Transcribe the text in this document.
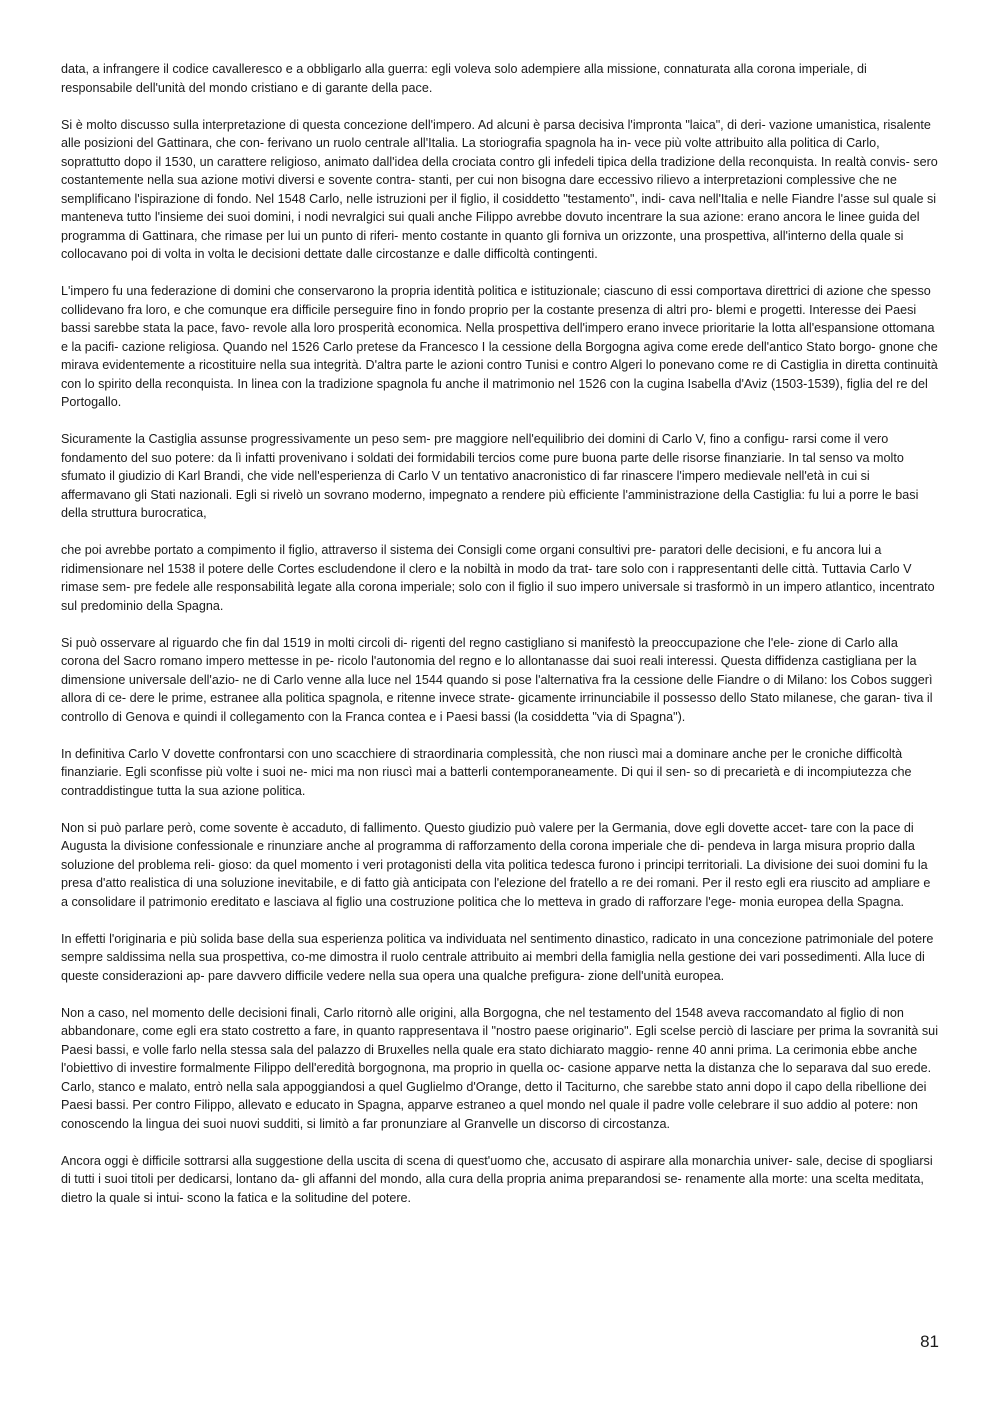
data, a infrangere il codice cavalleresco e a obbligarlo alla guerra: egli voleva solo adempiere alla missione, connaturata alla corona imperiale, di responsabile dell'unità del mondo cristiano e di garante della pace.

Si è molto discusso sulla interpretazione di questa concezione dell'impero. Ad alcuni è parsa decisiva l'impronta "laica", di deri- vazione umanistica, risalente alle posizioni del Gattinara, che con- ferivano un ruolo centrale all'Italia. La storiografia spagnola ha in- vece più volte attribuito alla politica di Carlo, soprattutto dopo il 1530, un carattere religioso, animato dall'idea della crociata contro gli infedeli tipica della tradizione della reconquista. In realtà convis- sero costantemente nella sua azione motivi diversi e sovente contra- stanti, per cui non bisogna dare eccessivo rilievo a interpretazioni complessive che ne semplificano l'ispirazione di fondo. Nel 1548 Carlo, nelle istruzioni per il figlio, il cosiddetto "testamento", indi- cava nell'Italia e nelle Fiandre l'asse sul quale si manteneva tutto l'insieme dei suoi domini, i nodi nevralgici sui quali anche Filippo avrebbe dovuto incentrare la sua azione: erano ancora le linee guida del programma di Gattinara, che rimase per lui un punto di riferi- mento costante in quanto gli forniva un orizzonte, una prospettiva, all'interno della quale si collocavano poi di volta in volta le decisioni dettate dalle circostanze e dalle difficoltà contingenti.

L'impero fu una federazione di domini che conservarono la propria identità politica e istituzionale; ciascuno di essi comportava direttrici di azione che spesso collidevano fra loro, e che comunque era difficile perseguire fino in fondo proprio per la costante presenza di altri pro- blemi e progetti. Interesse dei Paesi bassi sarebbe stata la pace, favo- revole alla loro prosperità economica. Nella prospettiva dell'impero erano invece prioritarie la lotta all'espansione ottomana e la pacifi- cazione religiosa. Quando nel 1526 Carlo pretese da Francesco I la cessione della Borgogna agiva come erede dell'antico Stato borgo- gnone che mirava evidentemente a ricostituire nella sua integrità. D'altra parte le azioni contro Tunisi e contro Algeri lo ponevano come re di Castiglia in diretta continuità con lo spirito della reconquista. In linea con la tradizione spagnola fu anche il matrimonio nel 1526 con la cugina Isabella d'Aviz (1503-1539), figlia del re del Portogallo.

Sicuramente la Castiglia assunse progressivamente un peso sem- pre maggiore nell'equilibrio dei domini di Carlo V, fino a configu- rarsi come il vero fondamento del suo potere: da lì infatti provenivano i soldati dei formidabili tercios come pure buona parte delle risorse finanziarie. In tal senso va molto sfumato il giudizio di Karl Brandi, che vide nell'esperienza di Carlo V un tentativo anacronistico di far rinascere l'impero medievale nell'età in cui si affermavano gli Stati nazionali. Egli si rivelò un sovrano moderno, impegnato a rendere più efficiente l'amministrazione della Castiglia: fu lui a porre le basi della struttura burocratica,

che poi avrebbe portato a compimento il figlio, attraverso il sistema dei Consigli come organi consultivi pre- paratori delle decisioni, e fu ancora lui a ridimensionare nel 1538 il potere delle Cortes escludendone il clero e la nobiltà in modo da trat- tare solo con i rappresentanti delle città. Tuttavia Carlo V rimase sem- pre fedele alle responsabilità legate alla corona imperiale; solo con il figlio il suo impero universale si trasformò in un impero atlantico, incentrato sul predominio della Spagna.

Si può osservare al riguardo che fin dal 1519 in molti circoli di- rigenti del regno castigliano si manifestò la preoccupazione che l'ele- zione di Carlo alla corona del Sacro romano impero mettesse in pe- ricolo l'autonomia del regno e lo allontanasse dai suoi reali interessi. Questa diffidenza castigliana per la dimensione universale dell'azio- ne di Carlo venne alla luce nel 1544 quando si pose l'alternativa fra la cessione delle Fiandre o di Milano: los Cobos suggerì allora di ce- dere le prime, estranee alla politica spagnola, e ritenne invece strate- gicamente irrinunciabile il possesso dello Stato milanese, che garan- tiva il controllo di Genova e quindi il collegamento con la Franca contea e i Paesi bassi (la cosiddetta "via di Spagna").

In definitiva Carlo V dovette confrontarsi con uno scacchiere di straordinaria complessità, che non riuscì mai a dominare anche per le croniche difficoltà finanziarie. Egli sconfisse più volte i suoi ne- mici ma non riuscì mai a batterli contemporaneamente. Di qui il sen- so di precarietà e di incompiutezza che contraddistingue tutta la sua azione politica.

Non si può parlare però, come sovente è accaduto, di fallimento. Questo giudizio può valere per la Germania, dove egli dovette accet- tare con la pace di Augusta la divisione confessionale e rinunziare anche al programma di rafforzamento della corona imperiale che di- pendeva in larga misura proprio dalla soluzione del problema reli- gioso: da quel momento i veri protagonisti della vita politica tedesca furono i principi territoriali. La divisione dei suoi domini fu la presa d'atto realistica di una soluzione inevitabile, e di fatto già anticipata con l'elezione del fratello a re dei romani. Per il resto egli era riuscito ad ampliare e a consolidare il patrimonio ereditato e lasciava al figlio una costruzione politica che lo metteva in grado di rafforzare l'ege- monia europea della Spagna.

In effetti l'originaria e più solida base della sua esperienza politica va individuata nel sentimento dinastico, radicato in una concezione patrimoniale del potere sempre saldissima nella sua prospettiva, co-me dimostra il ruolo centrale attribuito ai membri della famiglia nella gestione dei vari possedimenti. Alla luce di queste considerazioni ap- pare davvero difficile vedere nella sua opera una qualche prefigura- zione dell'unità europea.

Non a caso, nel momento delle decisioni finali, Carlo ritornò alle origini, alla Borgogna, che nel testamento del 1548 aveva raccomandato al figlio di non abbandonare, come egli era stato costretto a fare, in quanto rappresentava il "nostro paese originario". Egli scelse perciò di lasciare per prima la sovranità sui Paesi bassi, e volle farlo nella stessa sala del palazzo di Bruxelles nella quale era stato dichiarato maggio- renne 40 anni prima. La cerimonia ebbe anche l'obiettivo di investire formalmente Filippo dell'eredità borgognona, ma proprio in quella oc- casione apparve netta la distanza che lo separava dal suo erede. Carlo, stanco e malato, entrò nella sala appoggiandosi a quel Guglielmo d'Orange, detto il Taciturno, che sarebbe stato anni dopo il capo della ribellione dei Paesi bassi. Per contro Filippo, allevato e educato in Spagna, apparve estraneo a quel mondo nel quale il padre volle celebrare il suo addio al potere: non conoscendo la lingua dei suoi nuovi sudditi, si limitò a far pronunziare al Granvelle un discorso di circostanza.

Ancora oggi è difficile sottrarsi alla suggestione della uscita di scena di quest'uomo che, accusato di aspirare alla monarchia univer- sale, decise di spogliarsi di tutti i suoi titoli per dedicarsi, lontano da- gli affanni del mondo, alla cura della propria anima preparandosi se- renamente alla morte: una scelta meditata, dietro la quale si intui- scono la fatica e la solitudine del potere.

81
